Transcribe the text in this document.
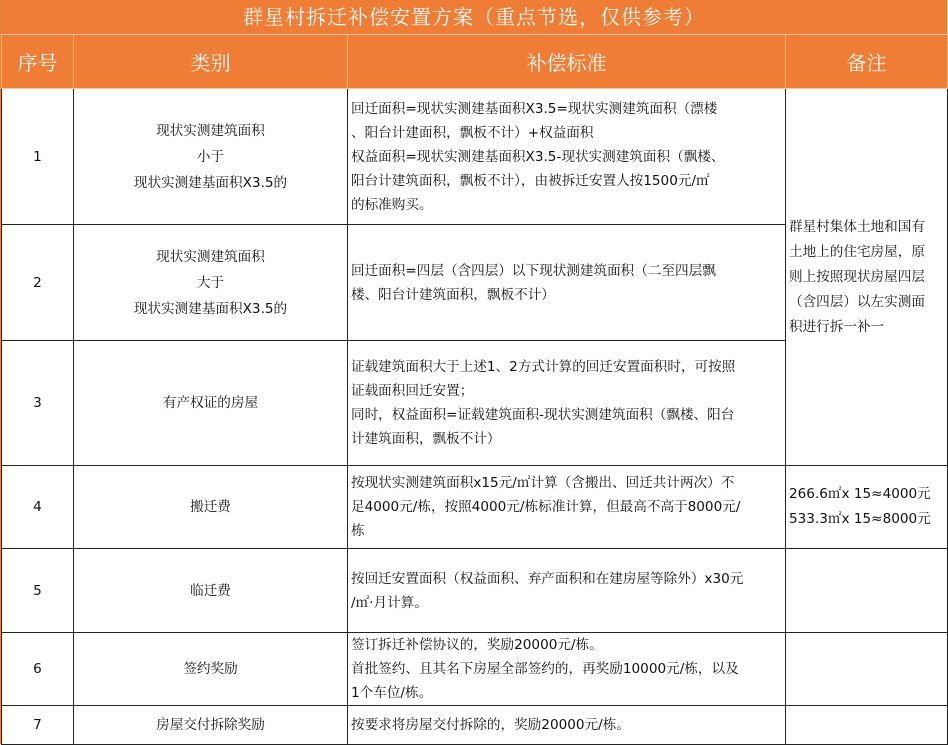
群星村拆迁补偿安置方案（重点节选，仅供参考）
序号	类别	补偿标准	备注
1	现状实测建筑面积
小于
现状实测建基面积X3.5的	回迁面积=现状实测建基面积X3.5=现状实测建筑面积（漂楼
、阳台计建面积，飘板不计）+权益面积
权益面积=现状实测建基面积X3.5-现状实测建筑面积（飘楼、
阳台计建筑面积，飘板不计），由被拆迁安置人按1500元/㎡
的标准购买。	群星村集体土地和国有
土地上的住宅房屋，原
则上按照现状房屋四层
（含四层）以左实测面
积进行拆一补一

2	现状实测建筑面积
大于
现状实测建基面积X3.5的	回迁面积=四层（含四层）以下现状测建筑面积（二至四层飘
楼、阳台计建筑面积，飘板不计）	

3	有产权证的房屋	证载建筑面积大于上述1、2方式计算的回迁安置面积时，可按照
证载面积回迁安置；
同时，权益面积=证载建筑面积-现状实测建筑面积（飘楼、阳台
计建筑面积，飘板不计）	

4	搬迁费	按现状实测建筑面积x15元/㎡计算（含搬出、回迁共计两次）不
足4000元/栋，按照4000元/栋标准计算，但最高不高于8000元/
栋	266.6㎡x 15≈4000元
533.3㎡x 15≈8000元

5	临迁费	按回迁安置面积（权益面积、弃产面积和在建房屋等除外）x30元
/㎡·月计算。	

6	签约奖励	签订拆迁补偿协议的，奖励20000元/栋。
首批签约、且其名下房屋全部签约的，再奖励10000元/栋，以及
1个车位/栋。	

7	房屋交付拆除奖励	按要求将房屋交付拆除的，奖励20000元/栋。	
